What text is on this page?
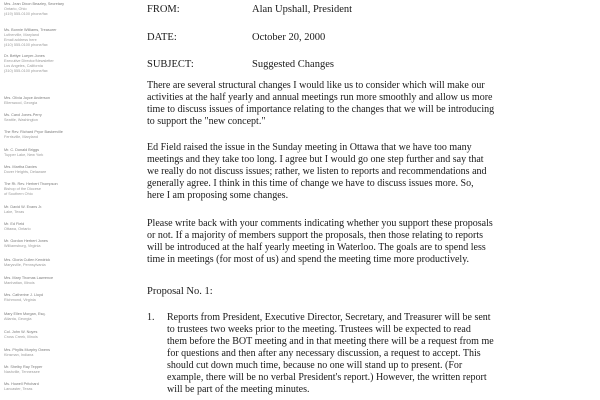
Mrs. Jean Dixon Beazley, Secretary
Ontario, Ohio
(419) 555-0100 phone/fax
Ms. Bonnie Williams, Treasurer
Lutherville, Maryland
Email address here
(410) 555-0100 phone/fax
Dr. Bettye Lueyer-Jones
Executive Director/Newsletter
Los Angeles, California
(310) 555-0100 phone/fax
Mrs. Olivia Joyce Anderson
Ellenwood, Georgia
Ms. Carol Jones-Perry
Seattle, Washington
The Rev. Richard Pryor Baskerville
Ferrisville, Maryland
Mr. C. Donald Briggs
Tupper Lake, New York
Mrs. Martha Davies
Dover Heights, Delaware
The Rt. Rev. Herbert Thompson
Bishop of the Diocese
of Southern Ohio
Mr. David W. Evans Jr.
Lake, Texas
Mr. Ed Field
Ottawa, Ontario
Mr. Gordon Herbert Jones
Williamsburg, Virginia
Mrs. Gloria Cullen Kendrick
Marysville, Pennsylvania
Mrs. Mary Thomas Lawrence
Manhattan, Illinois
Mrs. Catherine J. Lloyd
Richmond, Virginia
Mary Ellen Morgan, Esq.
Atlanta, Georgia
Col. John W. Noyes
Cross Creek, Illinois
Mrs. Phyllis Murphy Owens
Kinsman, Indiana
Mr. Shelby Ray Tepper
Nashville, Tennessee
Ms. Howell Pritchard
Lancaster, Texas
FROM:	Alan Upshall, President
DATE:	October 20, 2000
SUBJECT:	Suggested Changes
There are several structural changes I would like us to consider which will make our
activities at the half yearly and annual meetings run more smoothly and allow us more
time to discuss issues of importance relating to the changes that we will be introducing
to support the "new concept."
Ed Field raised the issue in the Sunday meeting in Ottawa that we have too many
meetings and they take too long. I agree but I would go one step further and say that
we really do not discuss issues; rather, we listen to reports and recommendations and
generally agree. I think in this time of change we have to discuss issues more. So,
here I am proposing some changes.
Please write back with your comments indicating whether you support these proposals
or not. If a majority of members support the proposals, then those relating to reports
will be introduced at the half yearly meeting in Waterloo. The goals are to spend less
time in meetings (for most of us) and spend the meeting time more productively.
Proposal No. 1:
1. Reports from President, Executive Director, Secretary, and Treasurer will be sent
to trustees two weeks prior to the meeting. Trustees will be expected to read
them before the BOT meeting and in that meeting there will be a request from me
for questions and then after any necessary discussion, a request to accept. This
should cut down much time, because no one will stand up to present. (For
example, there will be no verbal President's report.) However, the written report
will be part of the meeting minutes.
